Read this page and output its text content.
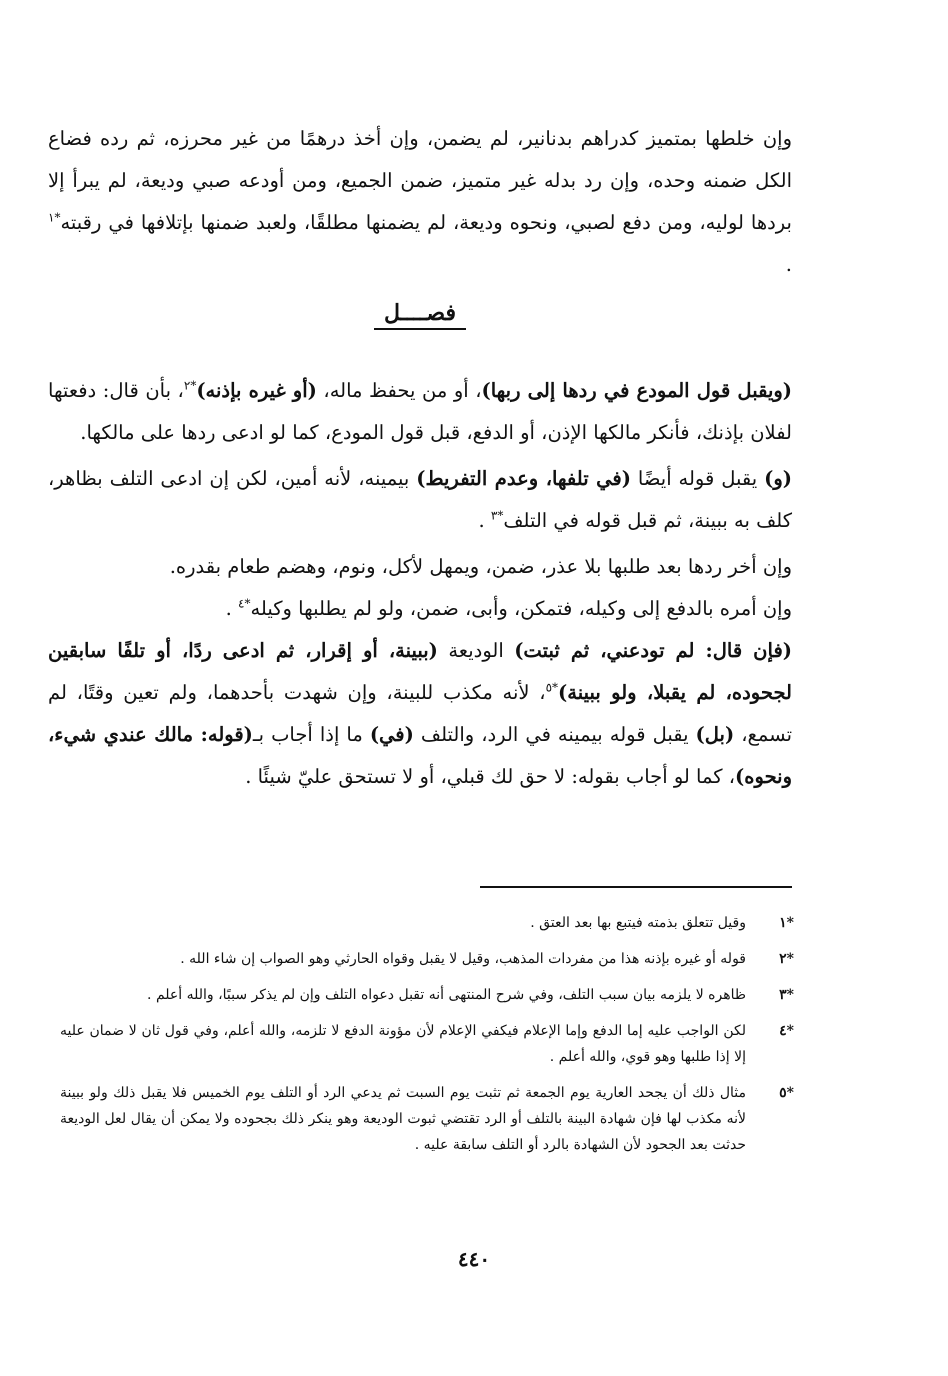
وإن خلطها بمتميز كدراهم بدنانير، لم يضمن، وإن أخذ درهمًا من غير محرزه، ثم رده فضاع الكل ضمنه وحده، وإن رد بدله غير متميز، ضمن الجميع، ومن أودعه صبي وديعة، لم يبرأ إلا بردها لوليه، ومن دفع لصبي، ونحوه وديعة، لم يضمنها مطلقًا، ولعبد ضمنها بإتلافها في رقبته$^{*١}$ .

فصــــل

(ويقبل قول المودع في ردها إلى ربها)، أو من يحفظ ماله، (أو غيره بإذنه)$^{*٢}$، بأن قال: دفعتها لفلان بإذنك، فأنكر مالكها الإذن، أو الدفع، قبل قول المودع، كما لو ادعى ردها على مالكها.

(و) يقبل قوله أيضًا (في تلفها، وعدم التفريط) بيمينه، لأنه أمين، لكن إن ادعى التلف بظاهر، كلف به ببينة، ثم قبل قوله في التلف$^{*٣}$ .

وإن أخر ردها بعد طلبها بلا عذر، ضمن، ويمهل لأكل، ونوم، وهضم طعام بقدره.

وإن أمره بالدفع إلى وكيله، فتمكن، وأبى، ضمن، ولو لم يطلبها وكيله$^{*٤}$ .

(فإن قال: لم تودعني، ثم ثبتت) الوديعة (ببينة، أو إقرار، ثم ادعى ردًا، أو تلفًا سابقين لجحوده، لم يقبلا، ولو ببينة)$^{*٥}$، لأنه مكذب للبينة، وإن شهدت بأحدهما، ولم تعين وقتًا، لم تسمع، (بل) يقبل قوله بيمينه في الرد، والتلف (في) ما إذا أجاب بـ(قوله: مالك عندي شيء، ونحوه)، كما لو أجاب بقوله: لا حق لك قبلي، أو لا تستحق عليّ شيئًا .

*١
وقيل تتعلق بذمته فيتبع بها بعد العتق .
*٢
قوله أو غيره بإذنه هذا من مفردات المذهب، وقيل لا يقبل وقواه الحارثي وهو الصواب إن شاء الله .
*٣
ظاهره لا يلزمه بيان سبب التلف، وفي شرح المنتهى أنه تقبل دعواه التلف وإن لم يذكر سببًا، والله أعلم .
*٤
لكن الواجب عليه إما الدفع وإما الإعلام فيكفي الإعلام لأن مؤونة الدفع لا تلزمه، والله أعلم، وفي قول ثان لا ضمان عليه إلا إذا طلبها وهو قوي، والله أعلم .
*٥
مثال ذلك أن يجحد العارية يوم الجمعة ثم تثبت يوم السبت ثم يدعي الرد أو التلف يوم الخميس فلا يقبل ذلك ولو ببينة لأنه مكذب لها فإن شهادة البينة بالتلف أو الرد تقتضي ثبوت الوديعة وهو ينكر ذلك بجحوده ولا يمكن أن يقال لعل الوديعة حدثت بعد الجحود لأن الشهادة بالرد أو التلف سابقة عليه .
٤٤٠
